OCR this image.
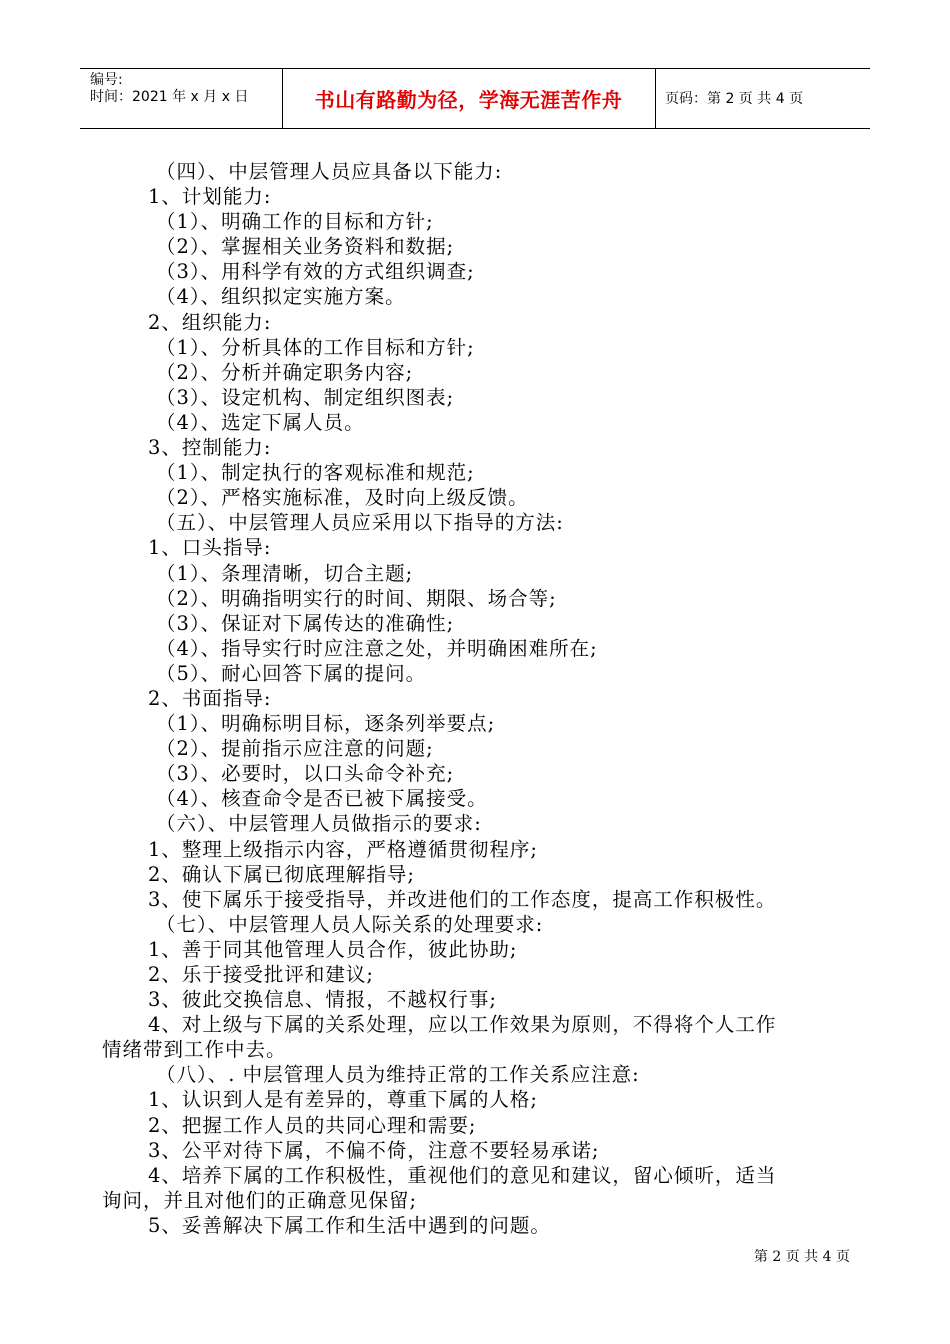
编号:
时间：2021 年 x 月 x 日	书山有路勤为径，学海无涯苦作舟	页码：第 2 页 共 4 页
（四）、中层管理人员应具备以下能力:
1、计划能力:
（1）、明确工作的目标和方针;
（2）、掌握相关业务资料和数据;
（3）、用科学有效的方式组织调查;
（4）、组织拟定实施方案。
2、组织能力:
（1）、分析具体的工作目标和方针;
（2）、分析并确定职务内容;
（3）、设定机构、制定组织图表;
（4）、选定下属人员。
3、控制能力:
（1）、制定执行的客观标准和规范;
（2）、严格实施标准，及时向上级反馈。
（五）、中层管理人员应采用以下指导的方法:
1、口头指导:
（1）、条理清晰，切合主题;
（2）、明确指明实行的时间、期限、场合等;
（3）、保证对下属传达的准确性;
（4）、指导实行时应注意之处，并明确困难所在;
（5）、耐心回答下属的提问。
2、书面指导:
（1）、明确标明目标，逐条列举要点;
（2）、提前指示应注意的问题;
（3）、必要时，以口头命令补充;
（4）、核查命令是否已被下属接受。
（六）、中层管理人员做指示的要求:
1、整理上级指示内容，严格遵循贯彻程序;
2、确认下属已彻底理解指导;
3、使下属乐于接受指导，并改进他们的工作态度，提高工作积极性。
（七）、中层管理人员人际关系的处理要求:
1、善于同其他管理人员合作，彼此协助;
2、乐于接受批评和建议;
3、彼此交换信息、情报，不越权行事;
4、对上级与下属的关系处理，应以工作效果为原则，不得将个人工作
情绪带到工作中去。
（八）、. 中层管理人员为维持正常的工作关系应注意:
1、认识到人是有差异的，尊重下属的人格;
2、把握工作人员的共同心理和需要;
3、公平对待下属，不偏不倚，注意不要轻易承诺;
4、培养下属的工作积极性，重视他们的意见和建议，留心倾听，适当
询问，并且对他们的正确意见保留;
5、妥善解决下属工作和生活中遇到的问题。
第 2 页 共 4 页
